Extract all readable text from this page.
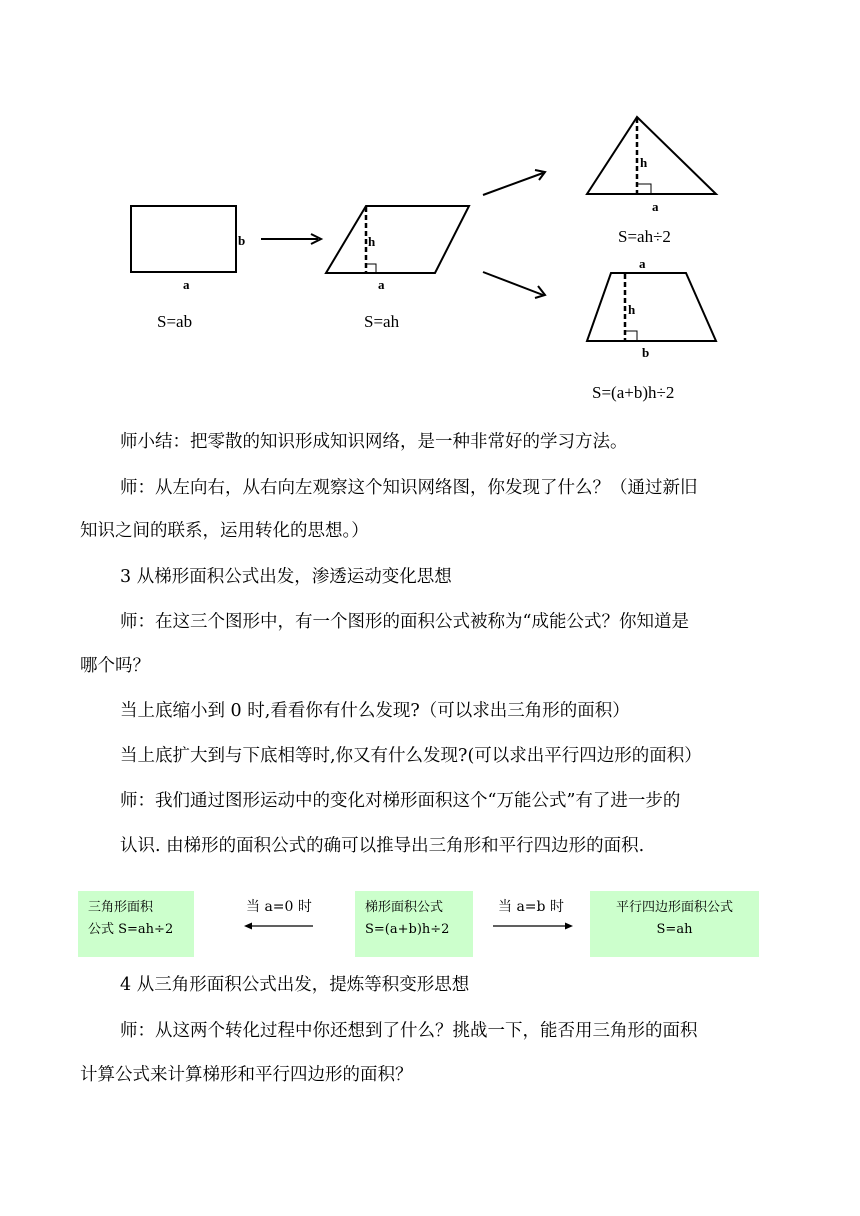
b
a
S=ab
h
a
S=ah
h
a
S=ah÷2
a
h
b
S=(a+b)h÷2
师小结：把零散的知识形成知识网络，是一种非常好的学习方法。
师：从左向右，从右向左观察这个知识网络图，你发现了什么？（通过新旧
知识之间的联系，运用转化的思想。）
3 从梯形面积公式出发，渗透运动变化思想
师：在这三个图形中，有一个图形的面积公式被称为“成能公式？你知道是
哪个吗？
当上底缩小到 0 时,看看你有什么发现?（可以求出三角形的面积）
当上底扩大到与下底相等时,你又有什么发现?(可以求出平行四边形的面积）
师：我们通过图形运动中的变化对梯形面积这个“万能公式”有了进一步的
认识. 由梯形的面积公式的确可以推导出三角形和平行四边形的面积.
三角形面积
公式 S=ah÷2
当 a=0 时	梯形面积公式
S=(a+b)h÷2
当 a=b 时	平行四边形面积公式
S=ah
4 从三角形面积公式出发，提炼等积变形思想
师：从这两个转化过程中你还想到了什么？挑战一下，能否用三角形的面积
计算公式来计算梯形和平行四边形的面积？
